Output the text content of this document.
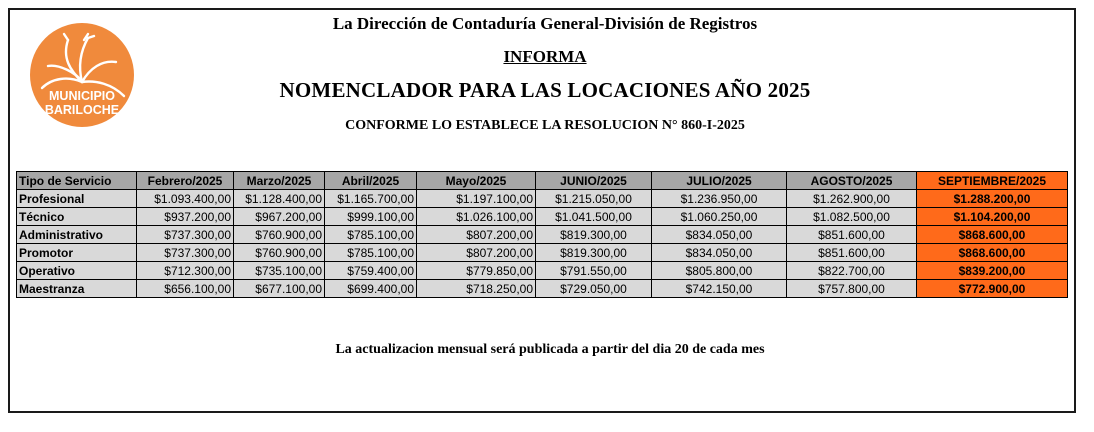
MUNICIPIO
BARILOCHE
La Dirección de Contaduría General-División de Registros
INFORMA
NOMENCLADOR PARA LAS LOCACIONES AÑO 2025
CONFORME LO ESTABLECE LA RESOLUCION N° 860-I-2025
Tipo de Servicio	Febrero/2025	Marzo/2025	Abril/2025	Mayo/2025	JUNIO/2025	JULIO/2025	AGOSTO/2025	SEPTIEMBRE/2025
Profesional	$1.093.400,00	$1.128.400,00	$1.165.700,00	$1.197.100,00	$1.215.050,00	$1.236.950,00	$1.262.900,00	$1.288.200,00
Técnico	$937.200,00	$967.200,00	$999.100,00	$1.026.100,00	$1.041.500,00	$1.060.250,00	$1.082.500,00	$1.104.200,00
Administrativo	$737.300,00	$760.900,00	$785.100,00	$807.200,00	$819.300,00	$834.050,00	$851.600,00	$868.600,00
Promotor	$737.300,00	$760.900,00	$785.100,00	$807.200,00	$819.300,00	$834.050,00	$851.600,00	$868.600,00
Operativo	$712.300,00	$735.100,00	$759.400,00	$779.850,00	$791.550,00	$805.800,00	$822.700,00	$839.200,00
Maestranza	$656.100,00	$677.100,00	$699.400,00	$718.250,00	$729.050,00	$742.150,00	$757.800,00	$772.900,00
La actualizacion mensual será publicada a partir del dia 20 de cada mes
